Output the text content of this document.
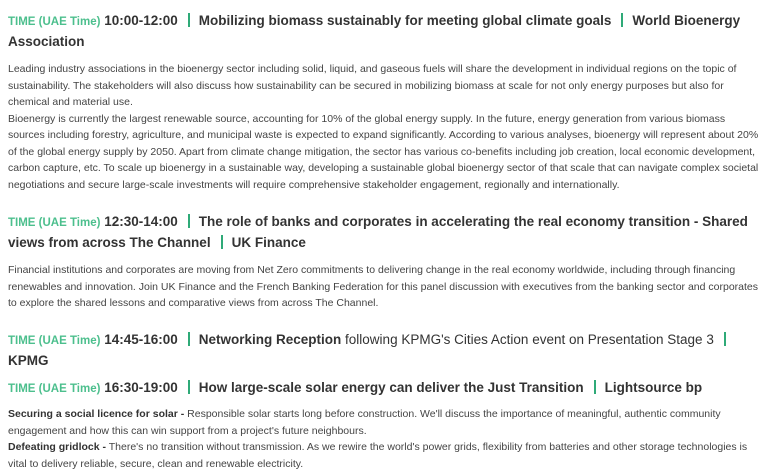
TIME (UAE Time) 10:00-12:00 Mobilizing biomass sustainably for meeting global climate goals World Bioenergy Association

Leading industry associations in the bioenergy sector including solid, liquid, and gaseous fuels will share the development in individual regions on the topic of sustainability. The stakeholders will also discuss how sustainability can be secured in mobilizing biomass at scale for not only energy purposes but also for chemical and material use.

Bioenergy is currently the largest renewable source, accounting for 10% of the global energy supply. In the future, energy generation from various biomass sources including forestry, agriculture, and municipal waste is expected to expand significantly. According to various analyses, bioenergy will represent about 20% of the global energy supply by 2050. Apart from climate change mitigation, the sector has various co-benefits including job creation, local economic development, carbon capture, etc. To scale up bioenergy in a sustainable way, developing a sustainable global bioenergy sector of that scale that can navigate complex societal negotiations and secure large-scale investments will require comprehensive stakeholder engagement, regionally and internationally.

TIME (UAE Time) 12:30-14:00 The role of banks and corporates in accelerating the real economy transition - Shared views from across The Channel UK Finance

Financial institutions and corporates are moving from Net Zero commitments to delivering change in the real economy worldwide, including through financing renewables and innovation. Join UK Finance and the French Banking Federation for this panel discussion with executives from the banking sector and corporates to explore the shared lessons and comparative views from across The Channel.

TIME (UAE Time) 14:45-16:00 Networking Reception following KPMG's Cities Action event on Presentation Stage 3KPMG
TIME (UAE Time) 16:30-19:00 How large-scale solar energy can deliver the Just Transition Lightsource bp

Securing a social licence for solar - Responsible solar starts long before construction. We'll discuss the importance of meaningful, authentic community engagement and how this can win support from a project's future neighbours.

Defeating gridlock - There's no transition without transmission. As we rewire the world's power grids, flexibility from batteries and other storage technologies is vital to delivery reliable, secure, clean and renewable electricity.
